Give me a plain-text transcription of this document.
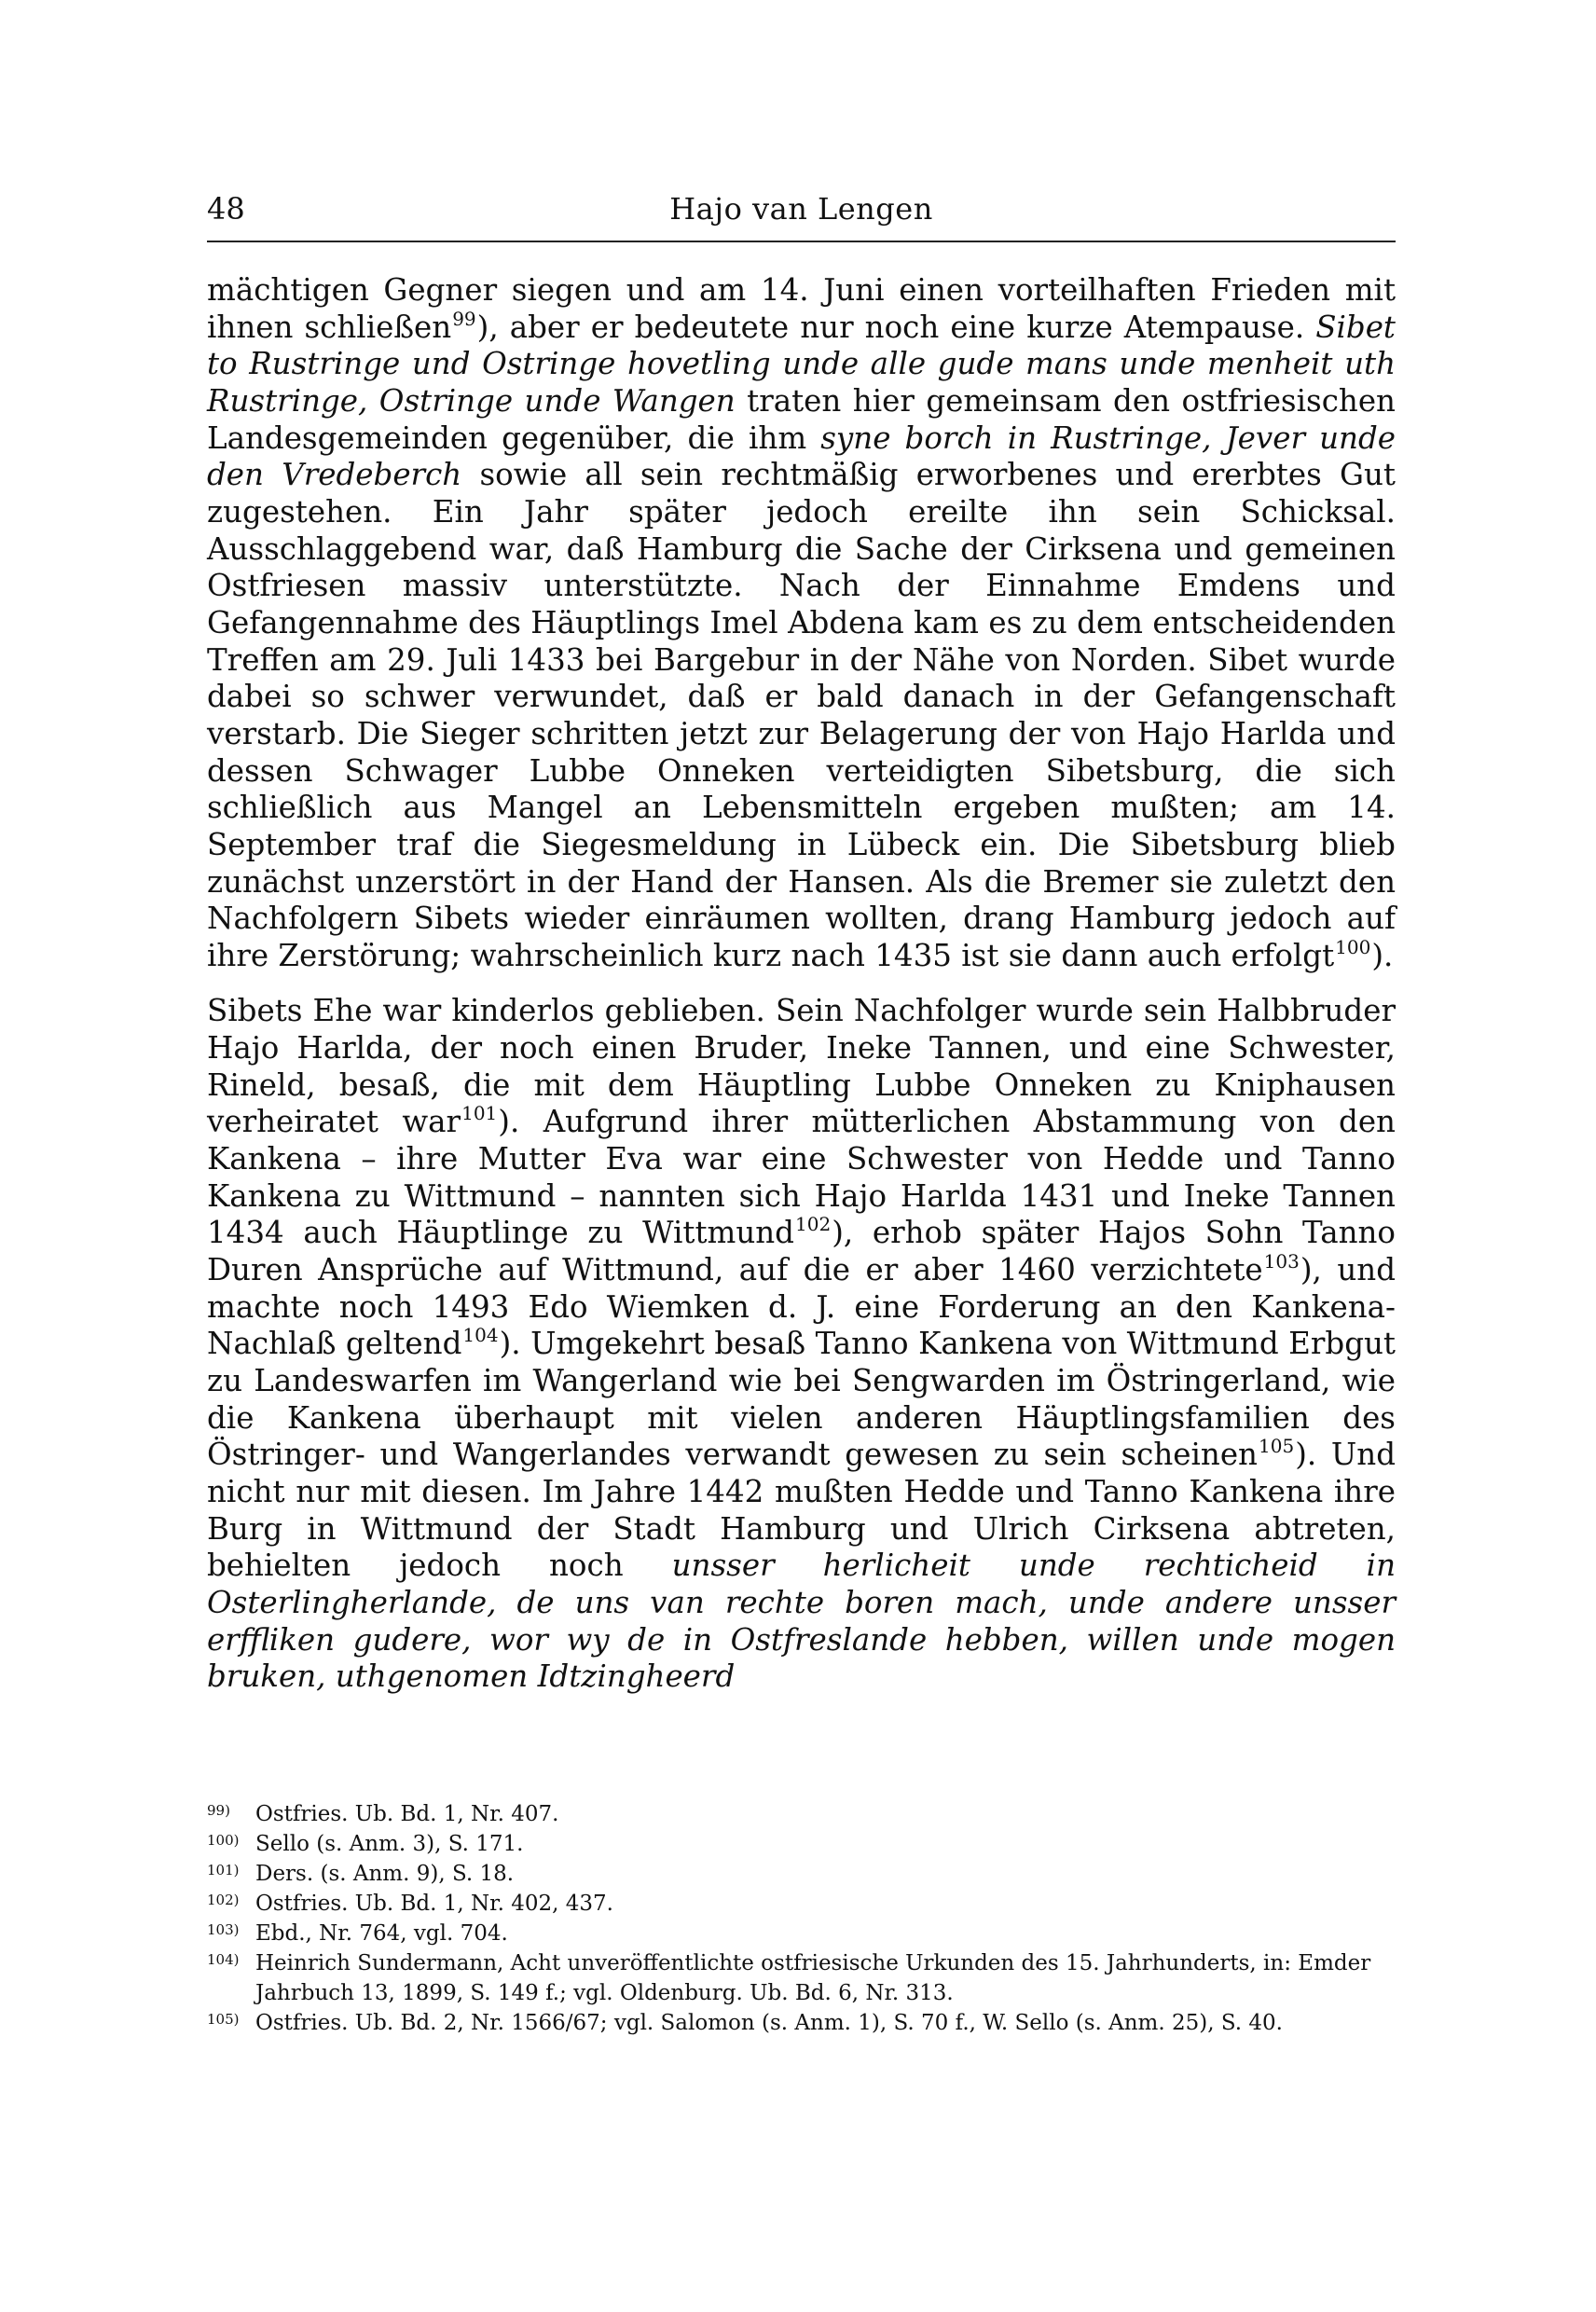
48	Hajo van Lengen

mächtigen Gegner siegen und am 14. Juni einen vorteilhaften Frieden mit ihnen schließen$^{99}$), aber er bedeutete nur noch eine kurze Atempause. Sibet to Rustringe und Ostringe hovetling unde alle gude mans unde menheit uth Rustringe, Ostringe unde Wangen traten hier gemeinsam den ostfriesischen Landesgemeinden gegenüber, die ihm syne borch in Rustringe, Jever unde den Vredeberch sowie all sein rechtmäßig erworbenes und ererbtes Gut zugestehen. Ein Jahr später jedoch ereilte ihn sein Schicksal. Ausschlaggebend war, daß Hamburg die Sache der Cirksena und gemeinen Ostfriesen massiv unterstützte. Nach der Einnahme Emdens und Gefangennahme des Häuptlings Imel Abdena kam es zu dem entscheidenden Treffen am 29. Juli 1433 bei Bargebur in der Nähe von Norden. Sibet wurde dabei so schwer verwundet, daß er bald danach in der Gefangenschaft verstarb. Die Sieger schritten jetzt zur Belagerung der von Hajo Harlda und dessen Schwager Lubbe Onneken verteidigten Sibetsburg, die sich schließlich aus Mangel an Lebensmitteln ergeben mußten; am 14. September traf die Siegesmeldung in Lübeck ein. Die Sibetsburg blieb zunächst unzerstört in der Hand der Hansen. Als die Bremer sie zuletzt den Nachfolgern Sibets wieder einräumen wollten, drang Hamburg jedoch auf ihre Zerstörung; wahrscheinlich kurz nach 1435 ist sie dann auch erfolgt$^{100}$).

Sibets Ehe war kinderlos geblieben. Sein Nachfolger wurde sein Halbbruder Hajo Harlda, der noch einen Bruder, Ineke Tannen, und eine Schwester, Rineld, besaß, die mit dem Häuptling Lubbe Onneken zu Kniphausen verheiratet war$^{101}$). Aufgrund ihrer mütterlichen Abstammung von den Kankena – ihre Mutter Eva war eine Schwester von Hedde und Tanno Kankena zu Wittmund – nannten sich Hajo Harlda 1431 und Ineke Tannen 1434 auch Häuptlinge zu Wittmund$^{102}$), erhob später Hajos Sohn Tanno Duren Ansprüche auf Wittmund, auf die er aber 1460 verzichtete$^{103}$), und machte noch 1493 Edo Wiemken d. J. eine Forderung an den Kankena-Nachlaß geltend$^{104}$). Umgekehrt besaß Tanno Kankena von Wittmund Erbgut zu Landeswarfen im Wangerland wie bei Sengwarden im Östringerland, wie die Kankena überhaupt mit vielen anderen Häuptlingsfamilien des Östringer- und Wangerlandes verwandt gewesen zu sein scheinen$^{105}$). Und nicht nur mit diesen. Im Jahre 1442 mußten Hedde und Tanno Kankena ihre Burg in Wittmund der Stadt Hamburg und Ulrich Cirksena abtreten, behielten jedoch noch unsser herlicheit unde rechticheid in Osterlingherlande, de uns van rechte boren mach, unde andere unsser erffliken gudere, wor wy de in Ostfreslande hebben, willen unde mogen bruken, uthgenomen Idtzingheerd

99)	Ostfries. Ub. Bd. 1, Nr. 407.
100) Sello (s. Anm. 3), S. 171.
101) Ders. (s. Anm. 9), S. 18.
102) Ostfries. Ub. Bd. 1, Nr. 402, 437.
103) Ebd., Nr. 764, vgl. 704.
104) Heinrich Sundermann, Acht unveröffentlichte ostfriesische Urkunden des 15. Jahrhunderts, in: Emder Jahrbuch 13, 1899, S. 149 f.; vgl. Oldenburg. Ub. Bd. 6, Nr. 313.
105) Ostfries. Ub. Bd. 2, Nr. 1566/67; vgl. Salomon (s. Anm. 1), S. 70 f., W. Sello (s. Anm. 25), S. 40.
